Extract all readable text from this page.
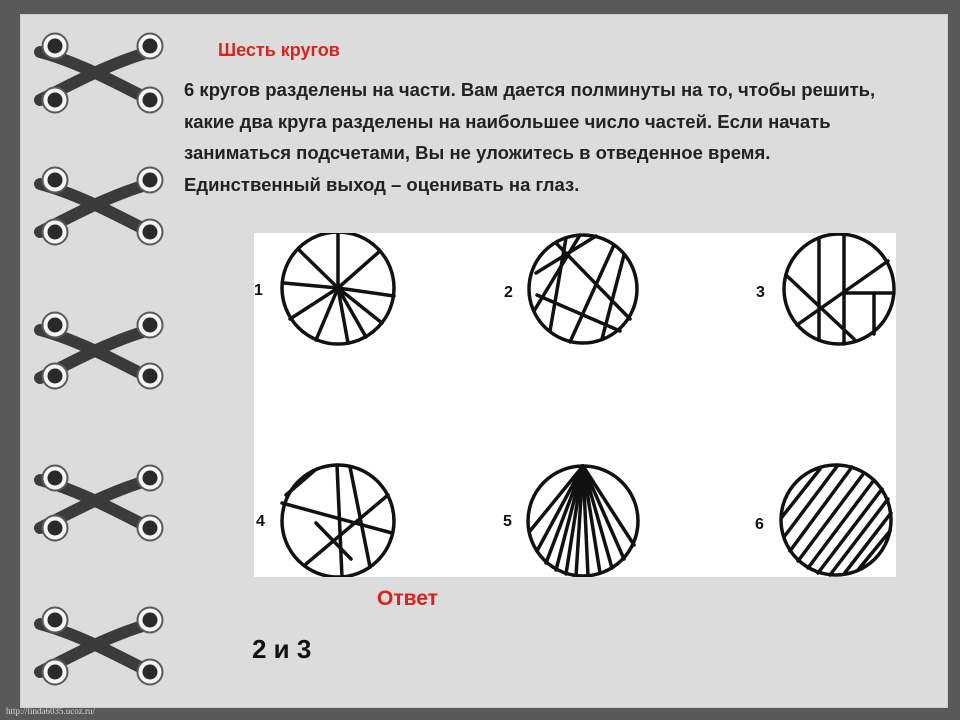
Шесть кругов
6 кругов разделены на части. Вам дается полминуты на то, чтобы решить, какие два круга разделены на наибольшее число частей. Если начать заниматься подсчетами, Вы не уложитесь в отведенное время. Единственный выход – оценивать на глаз.
1	2	3
4	5	6
Ответ
2 и 3
http://linda6035.ucoz.ru/
